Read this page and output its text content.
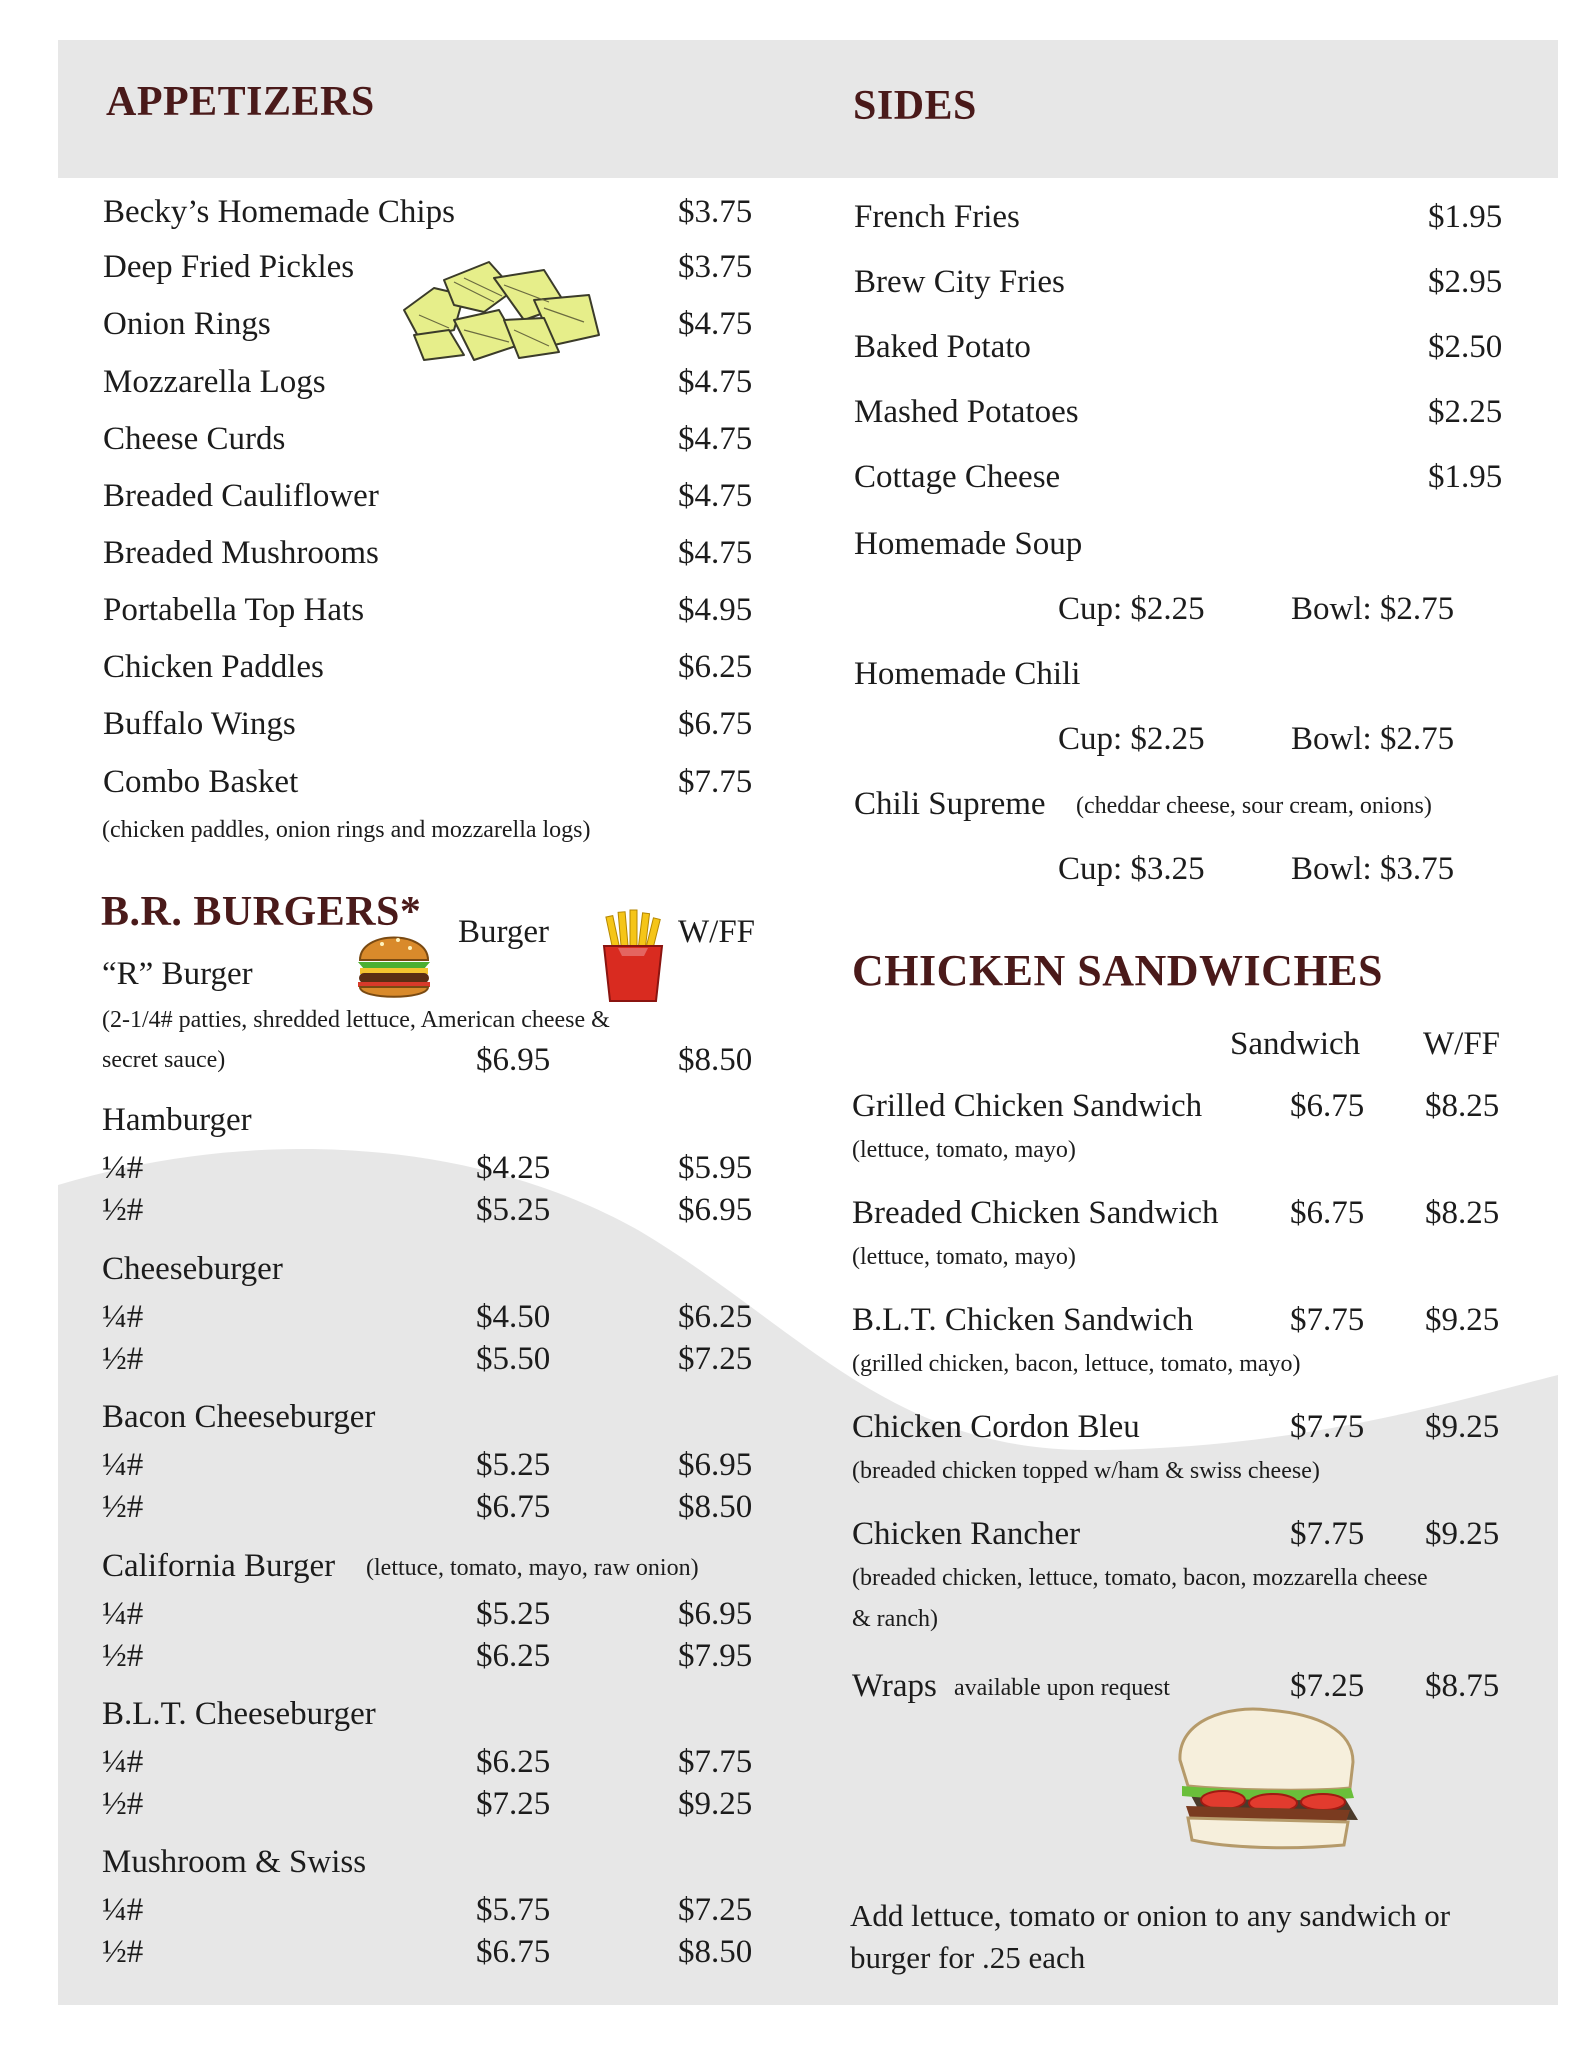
APPETIZERS	SIDES
B.R. BURGERS*
CHICKEN SANDWICHES
Becky’s Homemade Chips	$3.75
Deep Fried Pickles	$3.75
Onion Rings	$4.75
Mozzarella Logs	$4.75
Cheese Curds	$4.75
Breaded Cauliflower	$4.75
Breaded Mushrooms	$4.75
Portabella Top Hats	$4.95
Chicken Paddles	$6.25
Buffalo Wings	$6.75
Combo Basket	$7.75
(chicken paddles, onion rings and mozzarella logs)
Burger	W/FF
“R” Burger
(2-1/4# patties, shredded lettuce, American cheese &
secret sauce)	$6.95	$8.50
Hamburger
¼#	$4.25	$5.95
½#	$5.25	$6.95
Cheeseburger
¼#	$4.50	$6.25
½#	$5.50	$7.25
Bacon Cheeseburger
¼#	$5.25	$6.95
½#	$6.75	$8.50
California Burger (lettuce, tomato, mayo, raw onion)
¼#	$5.25	$6.95
½#	$6.25	$7.95
B.L.T. Cheeseburger
¼#	$6.25	$7.75
½#	$7.25	$9.25
Mushroom & Swiss
¼#	$5.75	$7.25
½#	$6.75	$8.50
French Fries	$1.95
Brew City Fries	$2.95
Baked Potato	$2.50
Mashed Potatoes	$2.25
Cottage Cheese	$1.95
Homemade Soup
Cup: $2.25	Bowl: $2.75
Homemade Chili
Cup: $2.25	Bowl: $2.75
Chili Supreme (cheddar cheese, sour cream, onions)
Cup: $3.25	Bowl: $3.75
Sandwich W/FF
Grilled Chicken Sandwich	$6.75 $8.25
(lettuce, tomato, mayo)
Breaded Chicken Sandwich $6.75 $8.25
(lettuce, tomato, mayo)
B.L.T. Chicken Sandwich	$7.75 $9.25
(grilled chicken, bacon, lettuce, tomato, mayo)
Chicken Cordon Bleu	$7.75 $9.25
(breaded chicken topped w/ham & swiss cheese)
Chicken Rancher	$7.75 $9.25
(breaded chicken, lettuce, tomato, bacon, mozzarella cheese
& ranch)
Wraps available upon request	$7.25 $8.75
Add lettuce, tomato or onion to any sandwich or burger for .25 each
